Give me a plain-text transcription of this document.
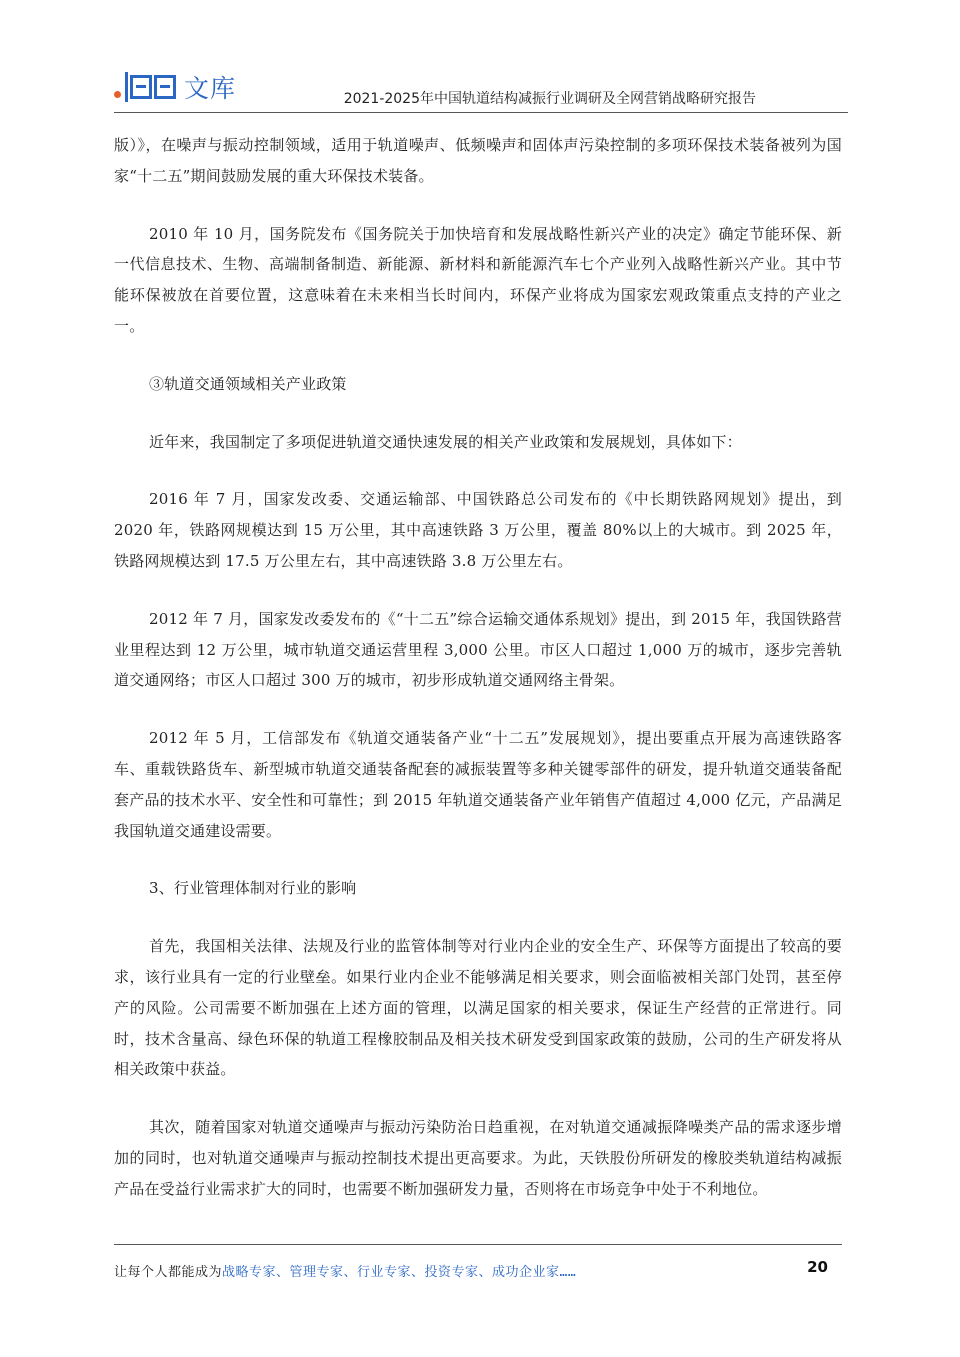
文库	2021-2025年中国轨道结构减振行业调研及全网营销战略研究报告

版）》，在噪声与振动控制领域，适用于轨道噪声、低频噪声和固体声污染控制的多项环保技术装备被列为国家“十二五”期间鼓励发展的重大环保技术装备。

2010 年 10 月，国务院发布《国务院关于加快培育和发展战略性新兴产业的决定》确定节能环保、新一代信息技术、生物、高端制备制造、新能源、新材料和新能源汽车七个产业列入战略性新兴产业。其中节能环保被放在首要位置，这意味着在未来相当长时间内，环保产业将成为国家宏观政策重点支持的产业之一。

③轨道交通领域相关产业政策

近年来，我国制定了多项促进轨道交通快速发展的相关产业政策和发展规划，具体如下：

2016 年 7 月，国家发改委、交通运输部、中国铁路总公司发布的《中长期铁路网规划》提出，到 2020 年，铁路网规模达到 15 万公里，其中高速铁路 3 万公里，覆盖 80%以上的大城市。到 2025 年，铁路网规模达到 17.5 万公里左右，其中高速铁路 3.8 万公里左右。

2012 年 7 月，国家发改委发布的《“十二五”综合运输交通体系规划》提出，到 2015 年，我国铁路营业里程达到 12 万公里，城市轨道交通运营里程 3,000 公里。市区人口超过 1,000 万的城市，逐步完善轨道交通网络；市区人口超过 300 万的城市，初步形成轨道交通网络主骨架。

2012 年 5 月，工信部发布《轨道交通装备产业“十二五”发展规划》，提出要重点开展为高速铁路客车、重载铁路货车、新型城市轨道交通装备配套的减振装置等多种关键零部件的研发，提升轨道交通装备配套产品的技术水平、安全性和可靠性；到 2015 年轨道交通装备产业年销售产值超过 4,000 亿元，产品满足我国轨道交通建设需要。

3、行业管理体制对行业的影响

首先，我国相关法律、法规及行业的监管体制等对行业内企业的安全生产、环保等方面提出了较高的要求，该行业具有一定的行业壁垒。如果行业内企业不能够满足相关要求，则会面临被相关部门处罚，甚至停产的风险。公司需要不断加强在上述方面的管理，以满足国家的相关要求，保证生产经营的正常进行。同时，技术含量高、绿色环保的轨道工程橡胶制品及相关技术研发受到国家政策的鼓励，公司的生产研发将从相关政策中获益。

其次，随着国家对轨道交通噪声与振动污染防治日趋重视，在对轨道交通减振降噪类产品的需求逐步增加的同时，也对轨道交通噪声与振动控制技术提出更高要求。为此，天铁股份所研发的橡胶类轨道结构减振产品在受益行业需求扩大的同时，也需要不断加强研发力量，否则将在市场竞争中处于不利地位。

让每个人都能成为战略专家、管理专家、行业专家、投资专家、成功企业家……	20
